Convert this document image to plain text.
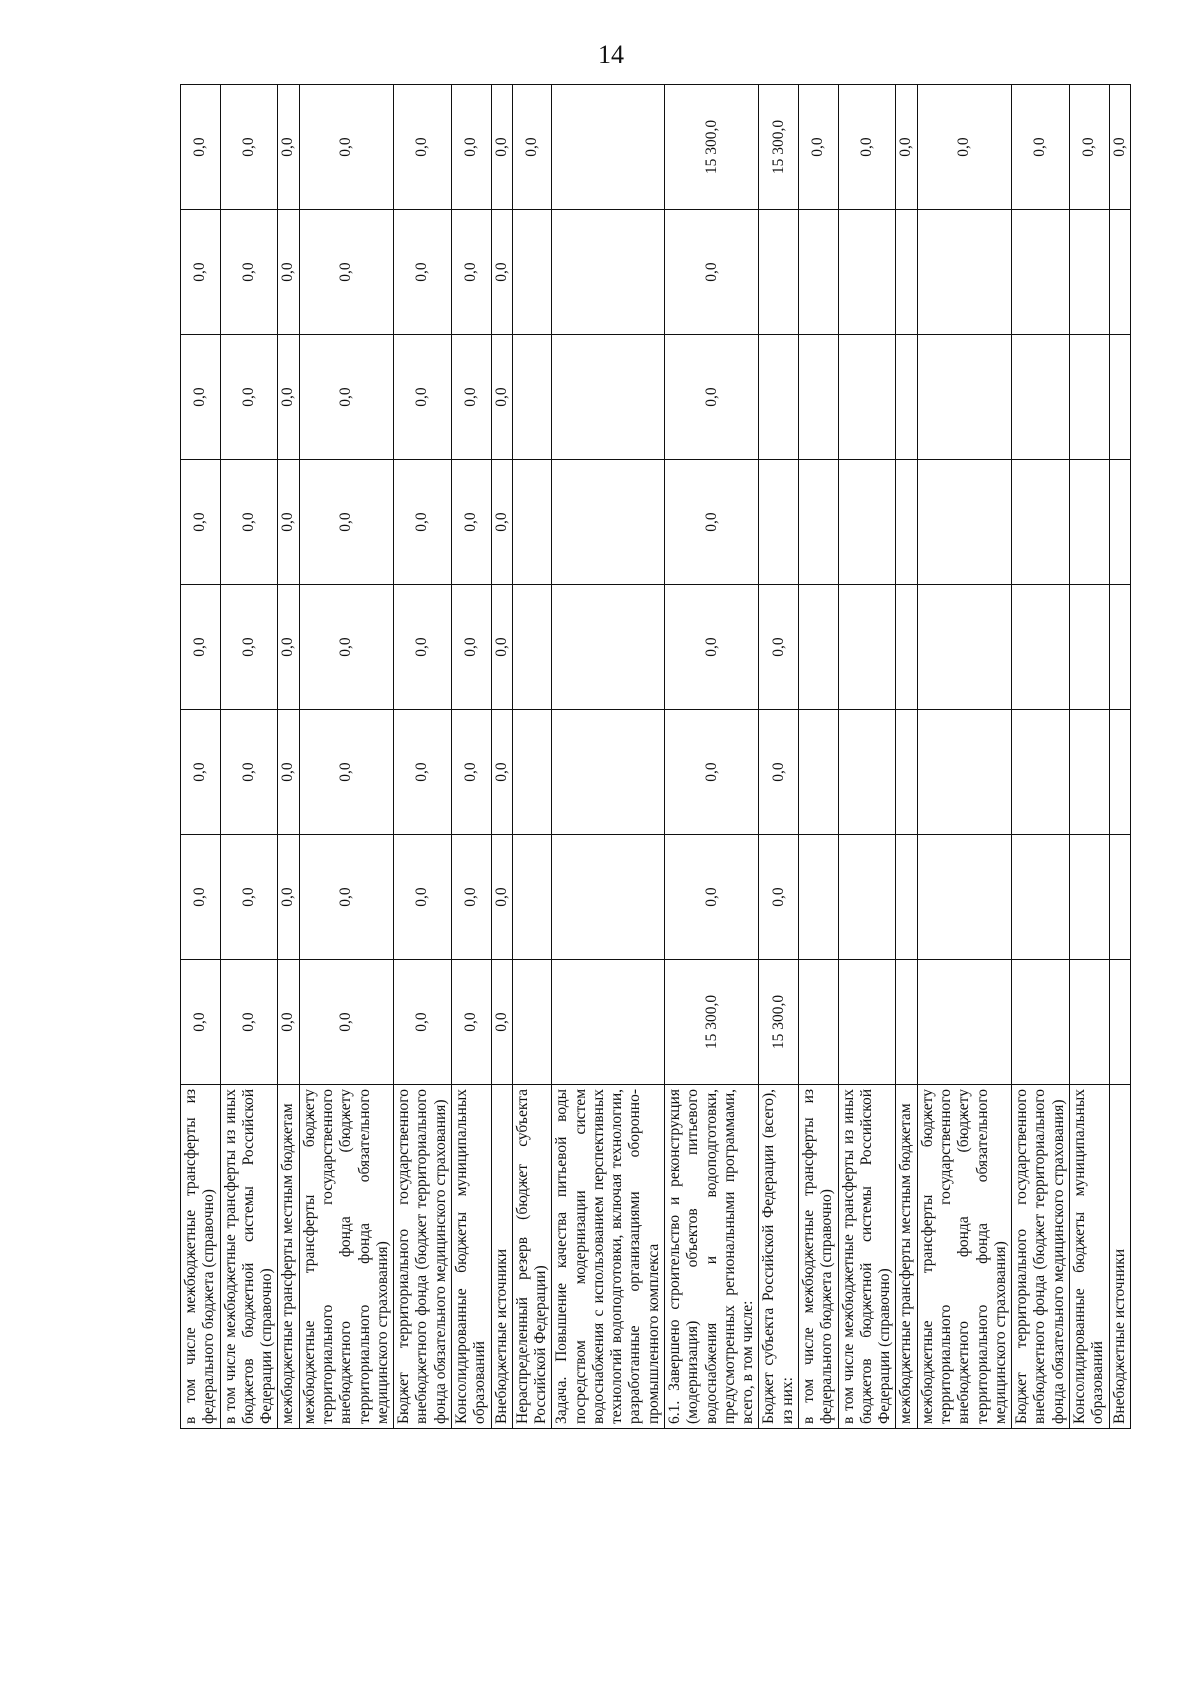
14
в том числе межбюджетные трансферты из федерального бюджета (справочно)	0,0	0,0	0,0	0,0	0,0	0,0	0,0	0,0
в том числе межбюджетные трансферты из иных бюджетов бюджетной системы Российской Федерации (справочно)	0,0	0,0	0,0	0,0	0,0	0,0	0,0	0,0
межбюджетные трансферты местным бюджетам	0,0	0,0	0,0	0,0	0,0	0,0	0,0	0,0
межбюджетные трансферты бюджету территориального государственного внебюджетного фонда (бюджету территориального фонда обязательного медицинского страхования)	0,0	0,0	0,0	0,0	0,0	0,0	0,0	0,0
Бюджет территориального государственного внебюджетного фонда (бюджет территориального фонда обязательного медицинского страхования)	0,0	0,0	0,0	0,0	0,0	0,0	0,0	0,0
Консолидированные бюджеты муниципальных образований	0,0	0,0	0,0	0,0	0,0	0,0	0,0	0,0
Внебюджетные источники	0,0	0,0	0,0	0,0	0,0	0,0	0,0	0,0
Нераспределенный резерв (бюджет субъекта Российской Федерации)								0,0
Задача. Повышение качества питьевой воды посредством модернизации систем водоснабжения с использованием перспективных технологий водоподготовки, включая технологии, разработанные организациями оборонно-промышленного комплекса								
6.1. Завершено строительство и реконструкция (модернизация) объектов питьевого водоснабжения и водоподготовки, предусмотренных региональными программами, всего, в том числе:	15 300,0	0,0	0,0	0,0	0,0	0,0	0,0	15 300,0
Бюджет субъекта Российской Федерации (всего), из них:	15 300,0	0,0	0,0	0,0				15 300,0
в том числе межбюджетные трансферты из федерального бюджета (справочно)								0,0
в том числе межбюджетные трансферты из иных бюджетов бюджетной системы Российской Федерации (справочно)								0,0
межбюджетные трансферты местным бюджетам								0,0
межбюджетные трансферты бюджету территориального государственного внебюджетного фонда (бюджету территориального фонда обязательного медицинского страхования)								0,0
Бюджет территориального государственного внебюджетного фонда (бюджет территориального фонда обязательного медицинского страхования)								0,0
Консолидированные бюджеты муниципальных образований								0,0
Внебюджетные источники								0,0
